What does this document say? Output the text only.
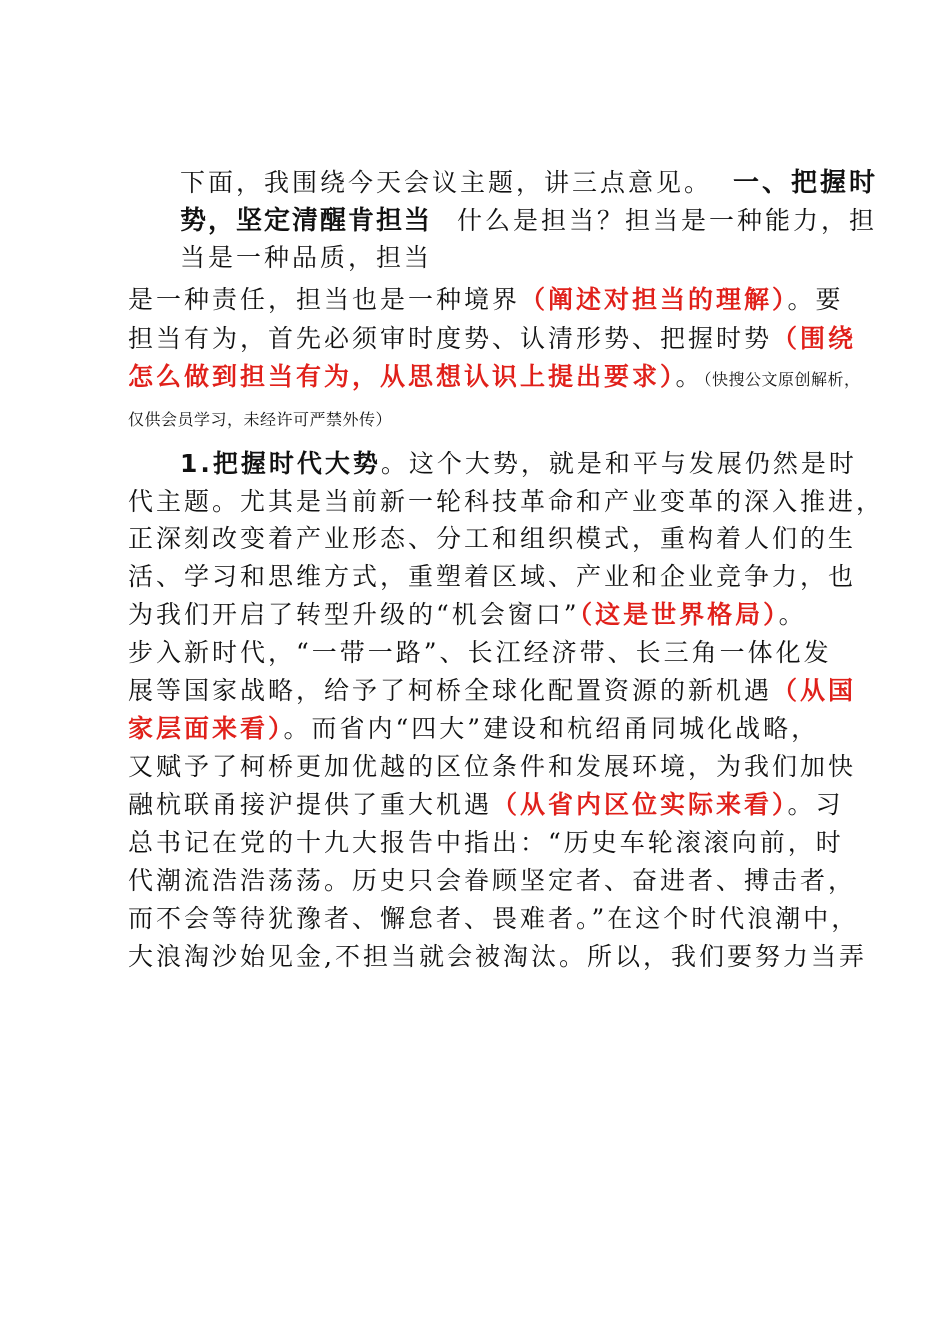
下面，我围绕今天会议主题，讲三点意见。 一、把握时
势，坚定清醒肯担当 什么是担当？担当是一种能力，担
当是一种品质，担当
是一种责任，担当也是一种境界（阐述对担当的理解）。要
担当有为，首先必须审时度势、认清形势、把握时势（围绕
怎么做到担当有为，从思想认识上提出要求）。（快搜公文原创解析，
仅供会员学习，未经许可严禁外传）
1.把握时代大势。这个大势，就是和平与发展仍然是时
代主题。尤其是当前新一轮科技革命和产业变革的深入推进，
正深刻改变着产业形态、分工和组织模式，重构着人们的生
活、学习和思维方式，重塑着区域、产业和企业竞争力，也
为我们开启了转型升级的“机会窗口”（这是世界格局）。
步入新时代，“一带一路”、长江经济带、长三角一体化发
展等国家战略，给予了柯桥全球化配置资源的新机遇（从国
家层面来看）。而省内“四大”建设和杭绍甬同城化战略，
又赋予了柯桥更加优越的区位条件和发展环境，为我们加快
融杭联甬接沪提供了重大机遇（从省内区位实际来看）。习
总书记在党的十九大报告中指出：“历史车轮滚滚向前，时
代潮流浩浩荡荡。历史只会眷顾坚定者、奋进者、搏击者，
而不会等待犹豫者、懈怠者、畏难者。”在这个时代浪潮中，
大浪淘沙始见金,不担当就会被淘汰。所以，我们要努力当弄
